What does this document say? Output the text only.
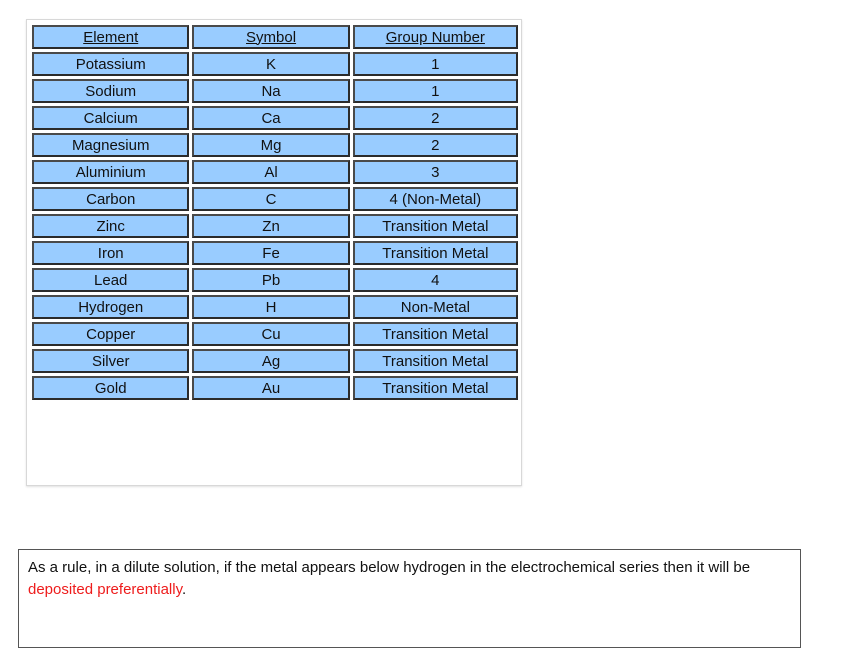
Element	Symbol	Group Number
Potassium	K	1
Sodium	Na	1
Calcium	Ca	2
Magnesium	Mg	2
Aluminium	Al	3
Carbon	C	4 (Non-Metal)
Zinc	Zn	Transition Metal
Iron	Fe	Transition Metal
Lead	Pb	4
Hydrogen	H	Non-Metal
Copper	Cu	Transition Metal
Silver	Ag	Transition Metal
Gold	Au	Transition Metal
As a rule, in a dilute solution, if the metal appears below hydrogen in the electrochemical series then it will be deposited preferentially.
